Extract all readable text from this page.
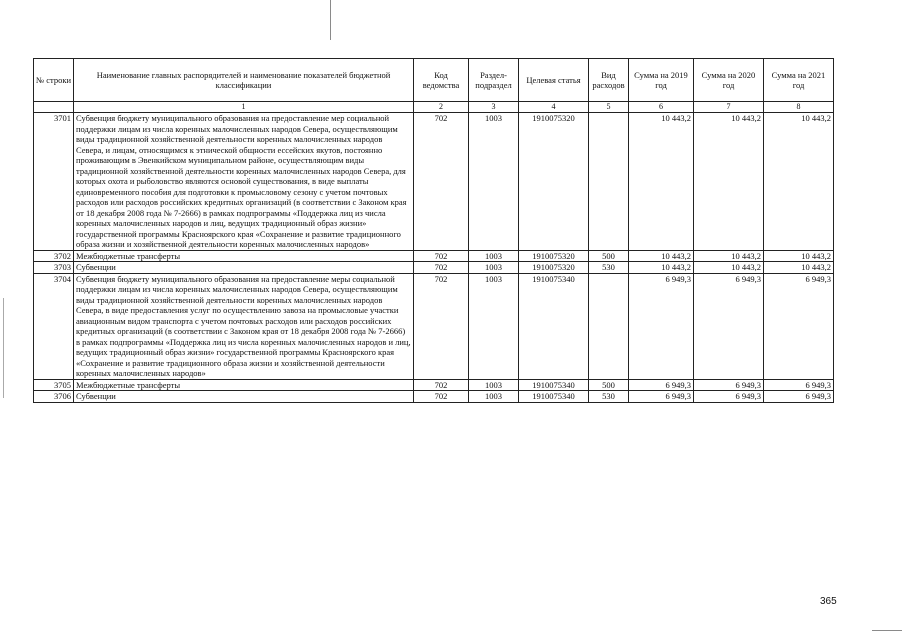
№ строки	Наименование главных распорядителей и наименование показателей бюджетной классификации	Код ведомства	Раздел-подраздел	Целевая статья	Вид расходов	Сумма на 2019 год	Сумма на 2020 год	Сумма на 2021 год
	1	2	3	4	5	6	7	8
3701	Субвенция бюджету муниципального образования на предоставление мер социальной поддержки лицам из числа коренных малочисленных народов Севера, осуществляющим виды традиционной хозяйственной деятельности коренных малочисленных народов Севера, и лицам, относящимся к этнической общности ессейских якутов, постоянно проживающим в Эвенкийском муниципальном районе, осуществляющим виды традиционной хозяйственной деятельности коренных малочисленных народов Севера, для которых охота и рыболовство являются основой существования, в виде выплаты единовременного пособия для подготовки к промысловому сезону с учетом почтовых расходов или расходов российских кредитных организаций (в соответствии с Законом края от 18 декабря 2008 года № 7-2666) в рамках подпрограммы «Поддержка лиц из числа коренных малочисленных народов и лиц, ведущих традиционный образ жизни» государственной программы Красноярского края «Сохранение и развитие традиционного образа жизни и хозяйственной деятельности коренных малочисленных народов»	702	1003	1910075320		10 443,2	10 443,2	10 443,2
3702	Межбюджетные трансферты	702	1003	1910075320	500	10 443,2	10 443,2	10 443,2
3703	Субвенции	702	1003	1910075320	530	10 443,2	10 443,2	10 443,2
3704	Субвенция бюджету муниципального образования на предоставление меры социальной поддержки лицам из числа коренных малочисленных народов Севера, осуществляющим виды традиционной хозяйственной деятельности коренных малочисленных народов Севера, в виде предоставления услуг по осуществлению завоза на промысловые участки авиационным видом транспорта с учетом почтовых расходов или расходов российских кредитных организаций (в соответствии с Законом края от 18 декабря 2008 года № 7-2666) в рамках подпрограммы «Поддержка лиц из числа коренных малочисленных народов и лиц, ведущих традиционный образ жизни» государственной программы Красноярского края «Сохранение и развитие традиционного образа жизни и хозяйственной деятельности коренных малочисленных народов»	702	1003	1910075340		6 949,3	6 949,3	6 949,3
3705	Межбюджетные трансферты	702	1003	1910075340	500	6 949,3	6 949,3	6 949,3
3706	Субвенции	702	1003	1910075340	530	6 949,3	6 949,3	6 949,3
365
